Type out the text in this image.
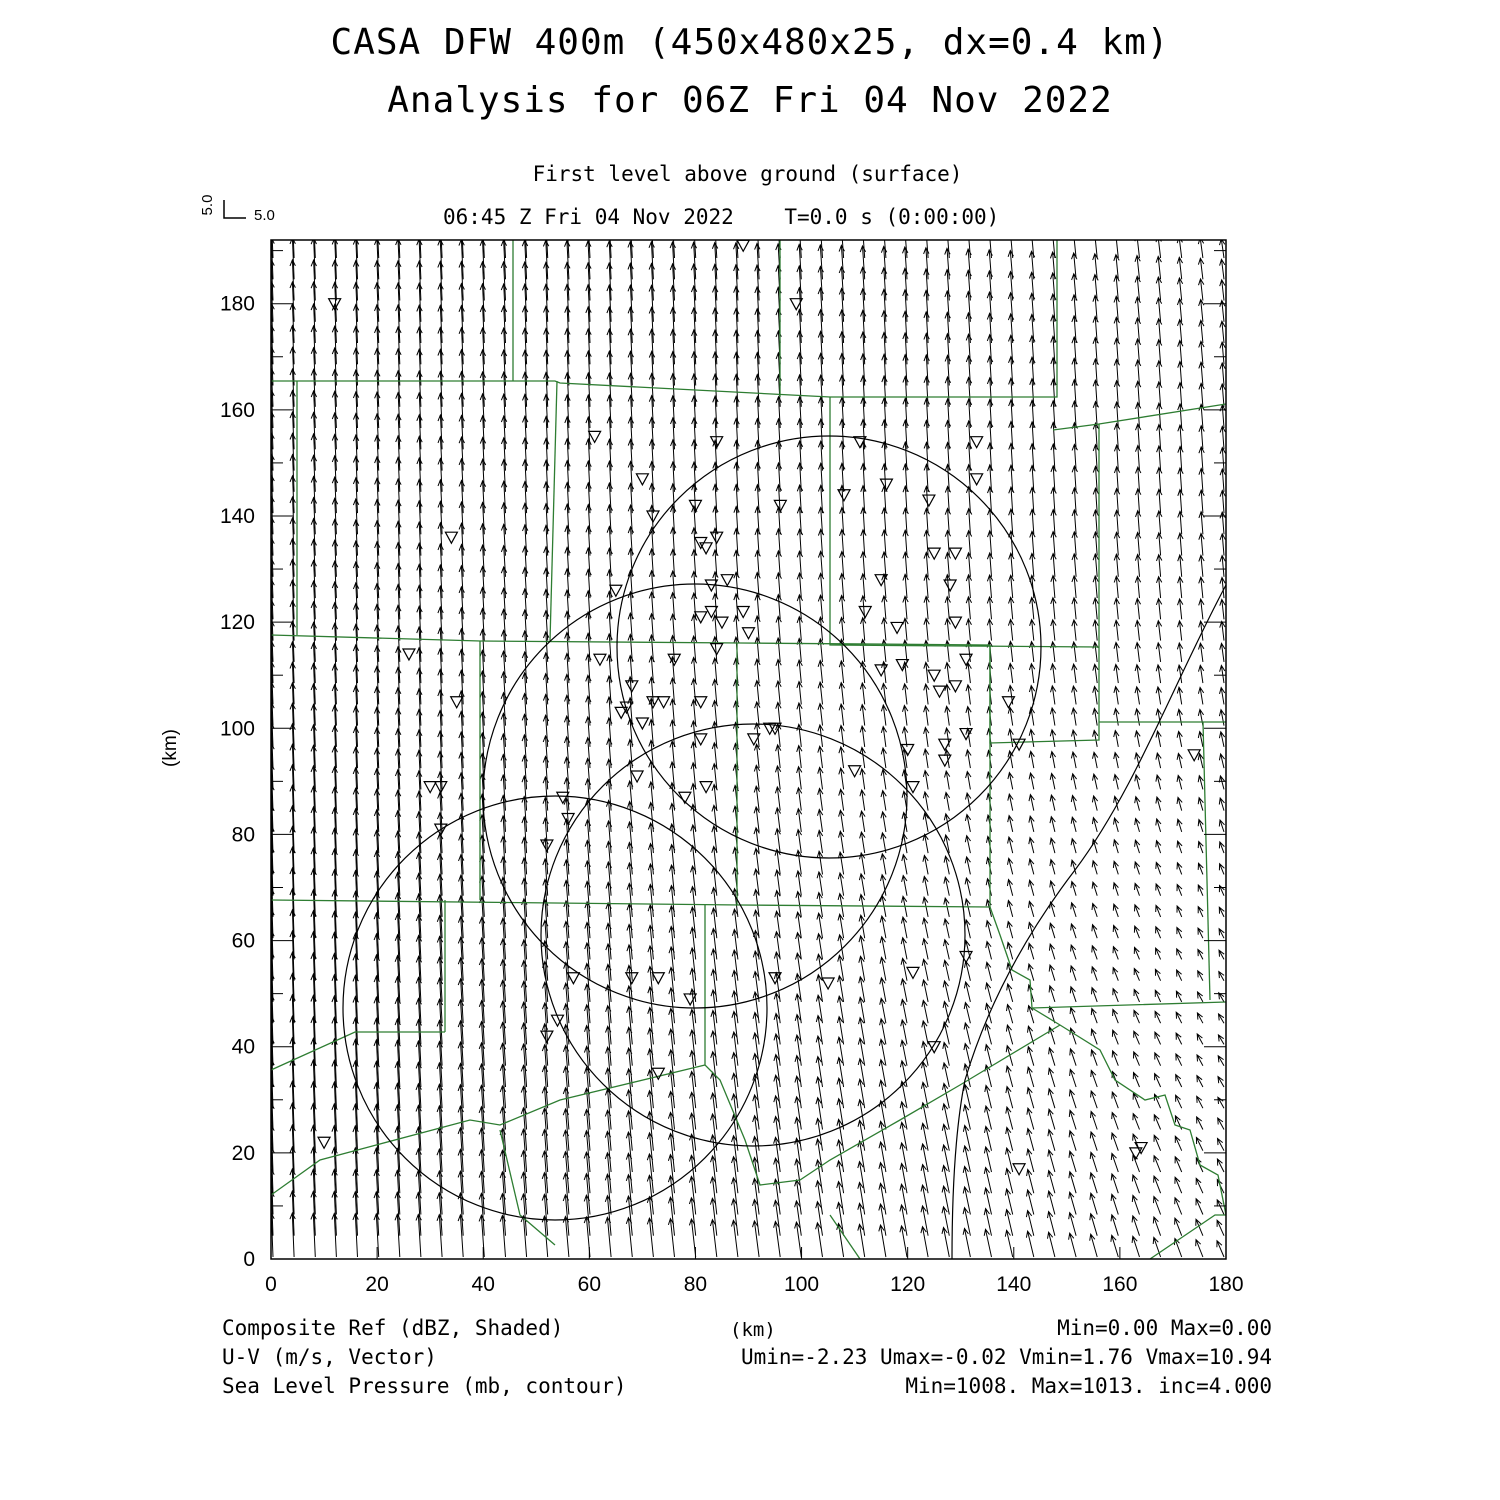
CASA DFW 400m (450x480x25, dx=0.4 km)
Analysis for 06Z Fri 04 Nov 2022
First level above ground (surface)
06:45 Z Fri 04 Nov 2022    T=0.0 s (0:00:00)
0	20	40	60	80	100	120	140	160	180
0
20
40
60
80
100
120
140
160
180
5.0
5.0
(km)
Composite Ref (dBZ, Shaded)	(km)	Min=0.00 Max=0.00
U-V (m/s, Vector)	Umin=-2.23 Umax=-0.02 Vmin=1.76 Vmax=10.94
Sea Level Pressure (mb, contour)	Min=1008. Max=1013. inc=4.000
